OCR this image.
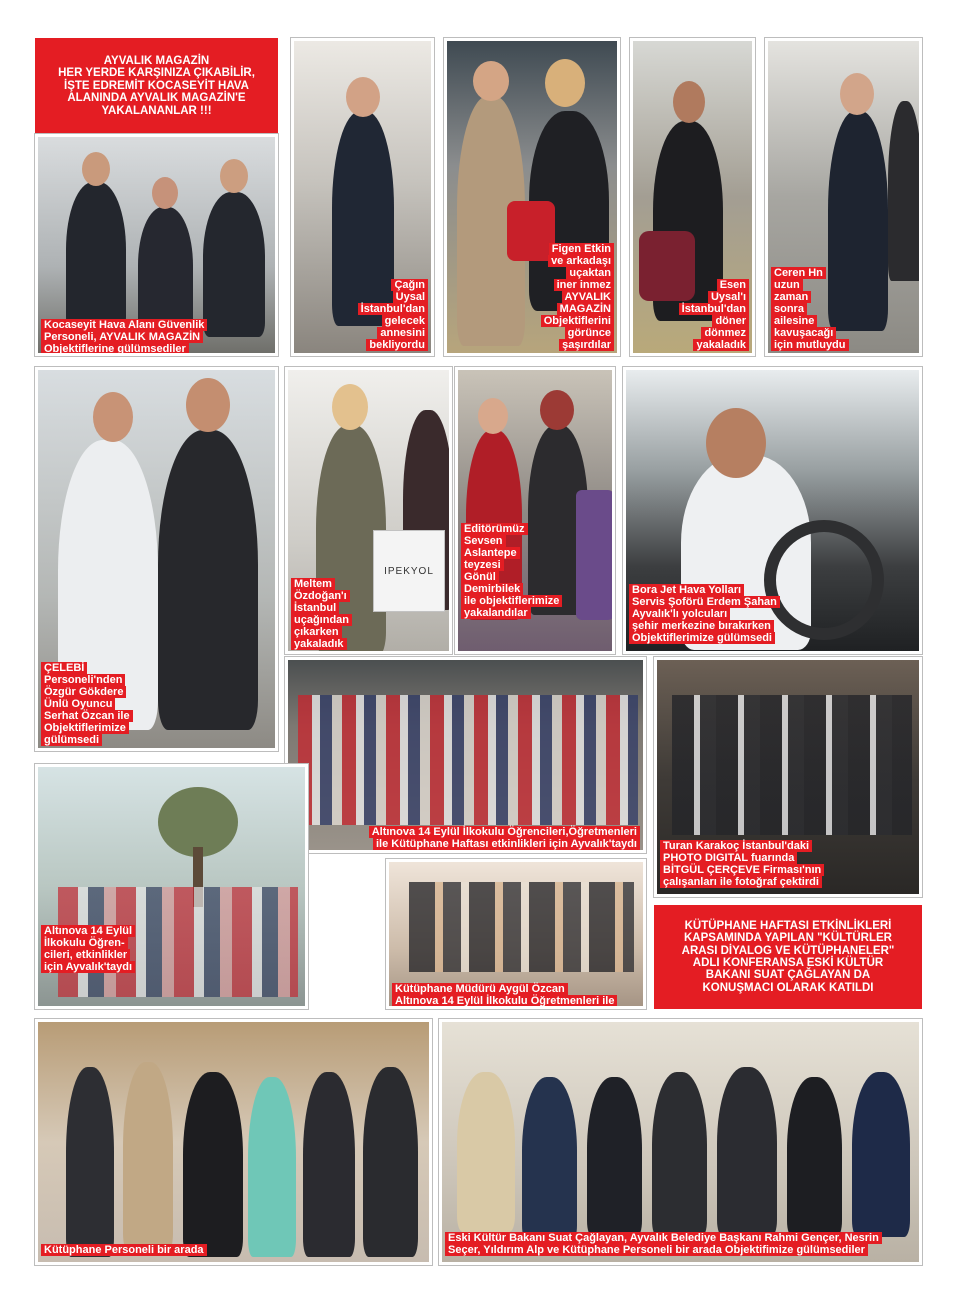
AYVALIK MAGAZİN
HER YERDE KARŞINIZA ÇIKABİLİR,
İŞTE EDREMİT KOCASEYİT HAVA
ALANINDA AYVALIK MAGAZİN'E
YAKALANANLAR !!!
Kocaseyit Hava Alanı Güvenlik
Personeli, AYVALIK MAGAZİN
Objektiflerine gülümsediler
Çağın
Uysal
İstanbul'dan
gelecek
annesini
bekliyordu
Figen Etkin
ve arkadaşı
uçaktan
iner inmez
AYVALIK
MAGAZİN
Objektiflerini
görünce
şaşırdılar
Esen
Uysal'ı
İstanbul'dan
döner
dönmez
yakaladık
Ceren Hn
uzun
zaman
sonra
ailesine
kavuşacağı
için mutluydu
ÇELEBİ
Personeli'nden
Özgür Gökdere
Ünlü Oyuncu
Serhat Özcan ile
Objektiflerimize
gülümsedi
IPEKYOL
Meltem
Özdoğan'ı
İstanbul
uçağından
çıkarken
yakaladık
Editörümüz
Sevsen
Aslantepe
teyzesi
Gönül
Demirbilek
ile objektiflerimize
yakalandılar
Bora Jet Hava Yolları
Servis Şoförü Erdem Şahan
Ayvalık'lı yolcuları
şehir merkezine bırakırken
Objektiflerimize gülümsedi
Altınova 14 Eylül İlkokulu Öğrencileri,Öğretmenleri
ile Kütüphane Haftası etkinlikleri için Ayvalık'taydı Turan Karakoç İstanbul'daki
PHOTO DIGITAL fuarında
BİTGÜL ÇERÇEVE Firması'nın
çalışanları ile fotoğraf çektirdi
Altınova 14 Eylül
İlkokulu Öğren-
cileri, etkinlikler
için Ayvalık'taydı
Kütüphane Müdürü Aygül Özcan
Altınova 14 Eylül İlkokulu Öğretmenleri ile
KÜTÜPHANE HAFTASI ETKİNLİKLERİ
KAPSAMINDA YAPILAN "KÜLTÜRLER
ARASI DİYALOG VE KÜTÜPHANELER"
ADLI KONFERANSA ESKİ KÜLTÜR
BAKANI SUAT ÇAĞLAYAN DA
KONUŞMACI OLARAK KATILDI
Kütüphane Personeli bir arada
Eski Kültür Bakanı Suat Çağlayan, Ayvalık Belediye Başkanı Rahmi Gençer, Nesrin
Seçer, Yıldırım Alp ve Kütüphane Personeli bir arada Objektifimize gülümsediler
